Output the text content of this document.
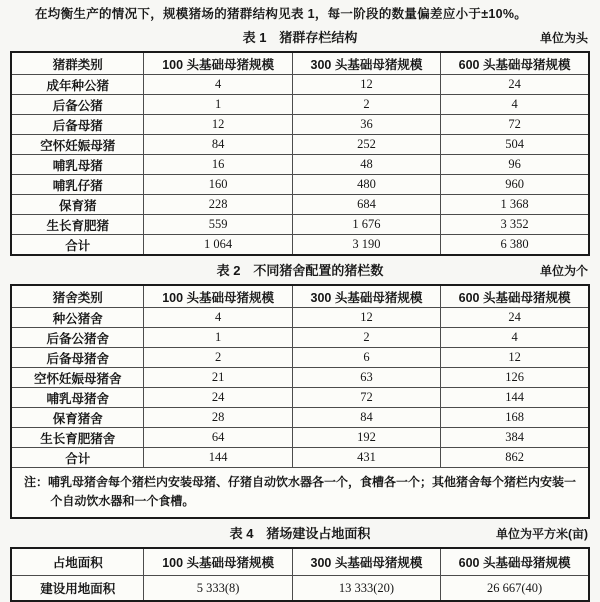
在均衡生产的情况下，规模猪场的猪群结构见表 1，每一阶段的数量偏差应小于±10%。

表 1　猪群存栏结构	单位为头
猪群类别	100 头基础母猪规模	300 头基础母猪规模	600 头基础母猪规模
成年种公猪	4	12	24
后备公猪	1	2	4
后备母猪	12	36	72
空怀妊娠母猪	84	252	504
哺乳母猪	16	48	96
哺乳仔猪	160	480	960
保育猪	228	684	1 368
生长育肥猪	559	1 676	3 352
合计	1 064	3 190	6 380
表 2　不同猪舍配置的猪栏数	单位为个
猪舍类别	100 头基础母猪规模	300 头基础母猪规模	600 头基础母猪规模
种公猪舍	4	12	24
后备公猪舍	1	2	4
后备母猪舍	2	6	12
空怀妊娠母猪舍	21	63	126
哺乳母猪舍	24	72	144
保育猪舍	28	84	168
生长育肥猪舍	64	192	384
合计	144	431	862

注：哺乳母猪舍每个猪栏内安装母猪、仔猪自动饮水器各一个，食槽各一个；其他猪舍每个猪栏内安装一个自动饮水器和一个食槽。			
表 4　猪场建设占地面积	单位为平方米(亩)
占地面积	100 头基础母猪规模	300 头基础母猪规模	600 头基础母猪规模
建设用地面积	5 333(8)	13 333(20)	26 667(40)
